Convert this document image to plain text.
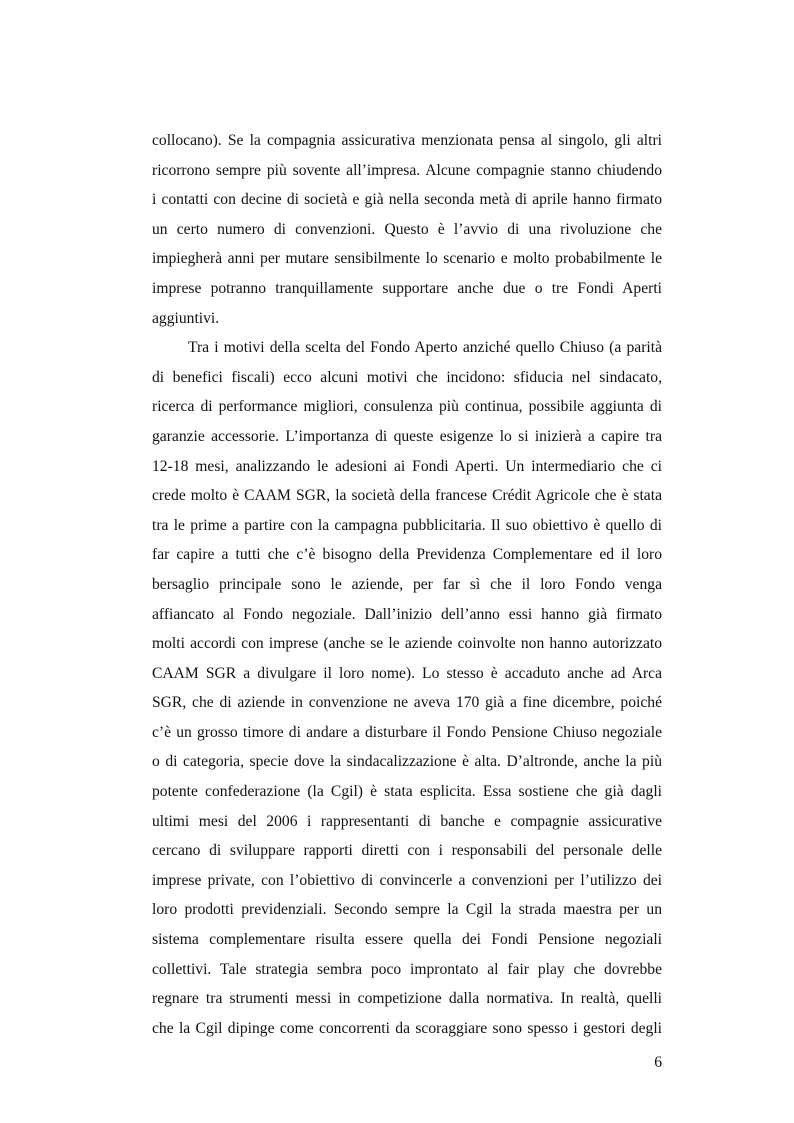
collocano). Se la compagnia assicurativa menzionata pensa al singolo, gli altri
ricorrono sempre più sovente all’impresa. Alcune compagnie stanno chiudendo
i contatti con decine di società e già nella seconda metà di aprile hanno firmato
un certo numero di convenzioni. Questo è l’avvio di una rivoluzione che
impiegherà anni per mutare sensibilmente lo scenario e molto probabilmente le
imprese potranno tranquillamente supportare anche due o tre Fondi Aperti
aggiuntivi.
Tra i motivi della scelta del Fondo Aperto anziché quello Chiuso (a parità
di benefici fiscali) ecco alcuni motivi che incidono: sfiducia nel sindacato,
ricerca di performance migliori, consulenza più continua, possibile aggiunta di
garanzie accessorie. L’importanza di queste esigenze lo si inizierà a capire tra
12-18 mesi, analizzando le adesioni ai Fondi Aperti. Un intermediario che ci
crede molto è CAAM SGR, la società della francese Crédit Agricole che è stata
tra le prime a partire con la campagna pubblicitaria. Il suo obiettivo è quello di
far capire a tutti che c’è bisogno della Previdenza Complementare ed il loro
bersaglio principale sono le aziende, per far sì che il loro Fondo venga
affiancato al Fondo negoziale. Dall’inizio dell’anno essi hanno già firmato
molti accordi con imprese (anche se le aziende coinvolte non hanno autorizzato
CAAM SGR a divulgare il loro nome). Lo stesso è accaduto anche ad Arca
SGR, che di aziende in convenzione ne aveva 170 già a fine dicembre, poiché
c’è un grosso timore di andare a disturbare il Fondo Pensione Chiuso negoziale
o di categoria, specie dove la sindacalizzazione è alta. D’altronde, anche la più
potente confederazione (la Cgil) è stata esplicita. Essa sostiene che già dagli
ultimi mesi del 2006 i rappresentanti di banche e compagnie assicurative
cercano di sviluppare rapporti diretti con i responsabili del personale delle
imprese private, con l’obiettivo di convincerle a convenzioni per l’utilizzo dei
loro prodotti previdenziali. Secondo sempre la Cgil la strada maestra per un
sistema complementare risulta essere quella dei Fondi Pensione negoziali
collettivi. Tale strategia sembra poco improntato al fair play che dovrebbe
regnare tra strumenti messi in competizione dalla normativa. In realtà, quelli
che la Cgil dipinge come concorrenti da scoraggiare sono spesso i gestori degli
6
